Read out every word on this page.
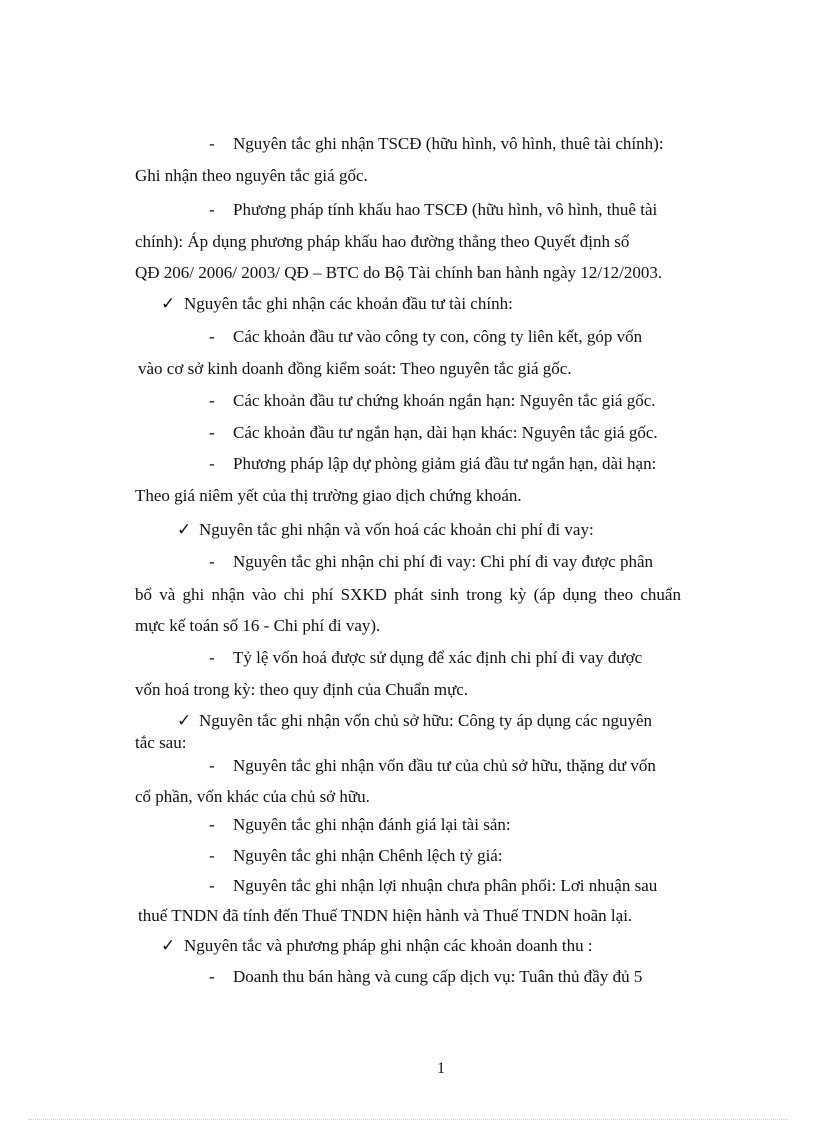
-
-
-
-
-
-
-
-
-
-
-
-
-
✓
✓
✓
✓
Nguyên tắc ghi nhận TSCĐ (hữu hình, vô hình, thuê tài chính):
Ghi nhận theo nguyên tắc giá gốc.
Phương pháp tính khấu hao TSCĐ (hữu hình, vô hình, thuê tài
chính): Áp dụng phương pháp khấu hao đường thẳng theo Quyết định số
QĐ 206/ 2006/ 2003/ QĐ – BTC do Bộ Tài chính ban hành ngày 12/12/2003.
Nguyên tắc ghi nhận các khoản đầu tư tài chính:
Các khoản đầu tư vào công ty con, công ty liên kết, góp vốn
vào cơ sở kinh doanh đồng kiểm soát: Theo nguyên tắc giá gốc.
Các khoản đầu tư chứng khoán ngắn hạn: Nguyên tắc giá gốc.
Các khoản đầu tư ngắn hạn, dài hạn khác: Nguyên tắc giá gốc.
Phương pháp lập dự phòng giảm giá đầu tư ngắn hạn, dài hạn:
Theo giá niêm yết của thị trường giao dịch chứng khoán.
Nguyên tắc ghi nhận và vốn hoá các khoản chi phí đi vay:
Nguyên tắc ghi nhận chi phí đi vay: Chi phí đi vay được phân
bổ và ghi nhận vào chi phí SXKD phát sinh trong kỳ (áp dụng theo chuẩn
mực kế toán số 16 - Chi phí đi vay).
Tỷ lệ vốn hoá được sử dụng để xác định chi phí đi vay được
vốn hoá trong kỳ: theo quy định của Chuẩn mực.
Nguyên tắc ghi nhận vốn chủ sở hữu: Công ty áp dụng các nguyên
tắc sau:
Nguyên tắc ghi nhận vốn đầu tư của chủ sở hữu, thặng dư vốn
cổ phần, vốn khác của chủ sở hữu.
Nguyên tắc ghi nhận đánh giá lại tài sản:
Nguyên tắc ghi nhận Chênh lệch tỷ giá:
Nguyên tắc ghi nhận lợi nhuận chưa phân phối: Lơi nhuận sau
thuế TNDN đã tính đến Thuế TNDN hiện hành và Thuế TNDN hoãn lại.
Nguyên tắc và phương pháp ghi nhận các khoản doanh thu :
Doanh thu bán hàng và cung cấp dịch vụ: Tuân thủ đầy đủ 5
1
